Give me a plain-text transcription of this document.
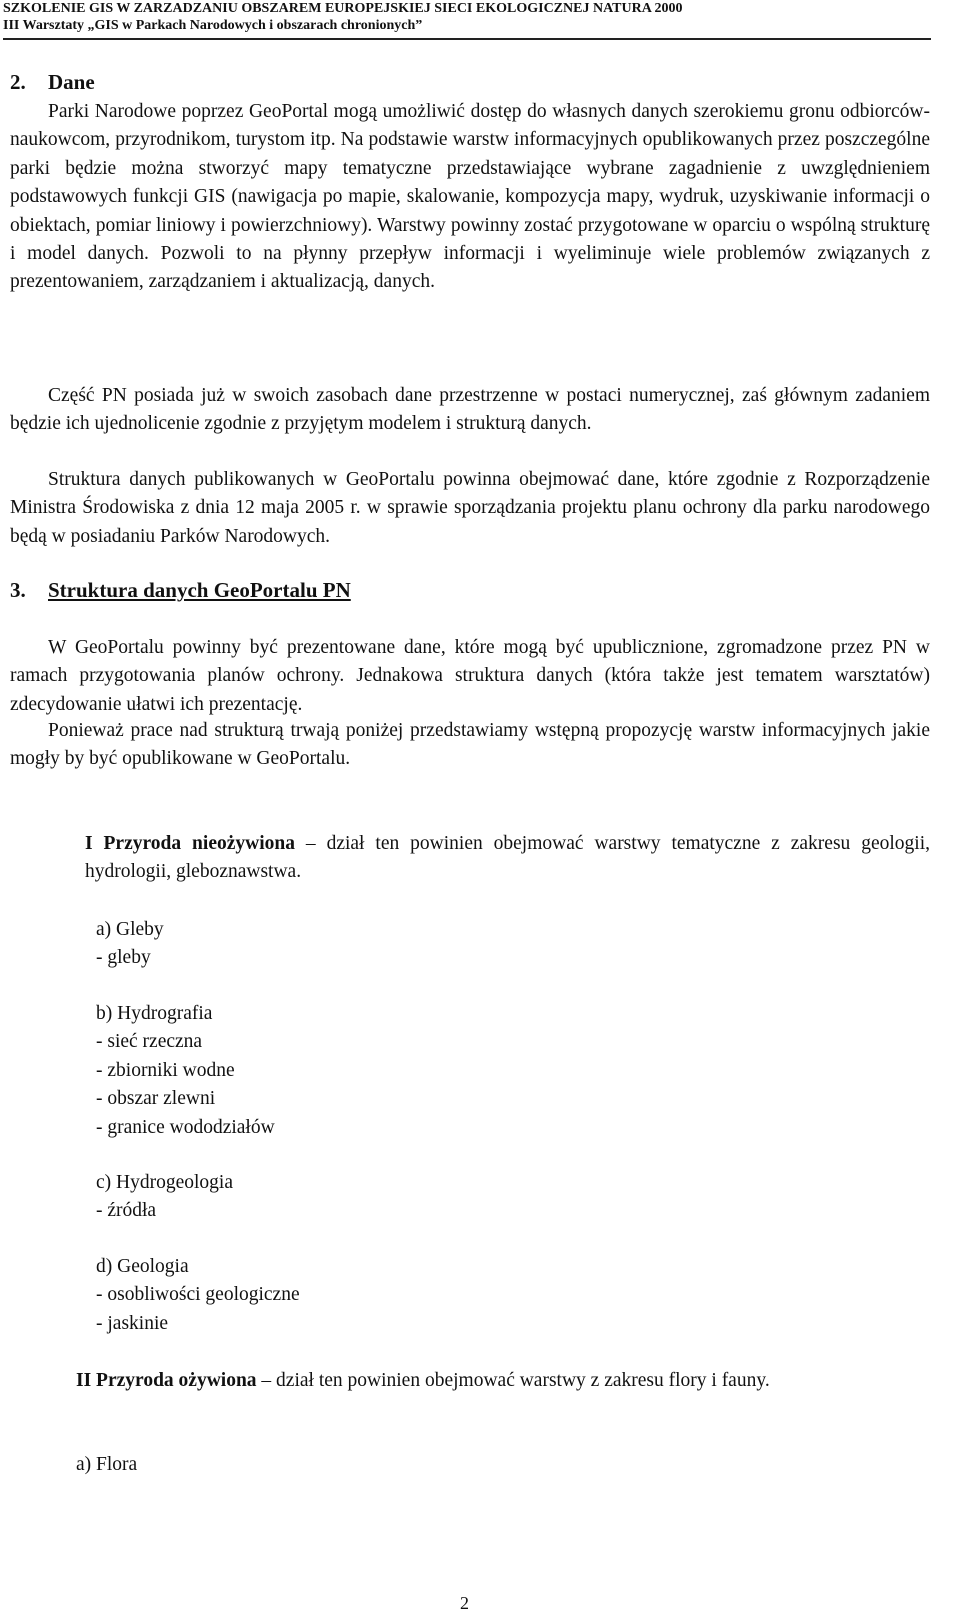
SZKOLENIE GIS W ZARZADZANIU OBSZAREM EUROPEJSKIEJ SIECI EKOLOGICZNEJ NATURA 2000
III Warsztaty „GIS w Parkach Narodowych i obszarach chronionych”
2. Dane

Parki Narodowe poprzez GeoPortal mogą umożliwić dostęp do własnych danych szerokiemu gronu odbiorców- naukowcom, przyrodnikom, turystom itp. Na podstawie warstw informacyjnych opublikowanych przez poszczególne parki będzie można stworzyć mapy tematyczne przedstawiające wybrane zagadnienie z uwzględnieniem podstawowych funkcji GIS (nawigacja po mapie, skalowanie, kompozycja mapy, wydruk, uzyskiwanie informacji o obiektach, pomiar liniowy i powierzchniowy). Warstwy powinny zostać przygotowane w oparciu o wspólną strukturę i model danych. Pozwoli to na płynny przepływ informacji i wyeliminuje wiele problemów związanych z prezentowaniem, zarządzaniem i aktualizacją, danych.

Część PN posiada już w swoich zasobach dane przestrzenne w postaci numerycznej, zaś głównym zadaniem będzie ich ujednolicenie zgodnie z przyjętym modelem i strukturą danych.

Struktura danych publikowanych w GeoPortalu powinna obejmować dane, które zgodnie z Rozporządzenie Ministra Środowiska z dnia 12 maja 2005 r. w sprawie sporządzania projektu planu ochrony dla parku narodowego będą w posiadaniu Parków Narodowych.

3. Struktura danych GeoPortalu PN

W GeoPortalu powinny być prezentowane dane, które mogą być upublicznione, zgromadzone przez PN w ramach przygotowania planów ochrony. Jednakowa struktura danych (która także jest tematem warsztatów) zdecydowanie ułatwi ich prezentację.

Ponieważ prace nad strukturą trwają poniżej przedstawiamy wstępną propozycję warstw informacyjnych jakie mogły by być opublikowane w GeoPortalu.

I Przyroda nieożywiona – dział ten powinien obejmować warstwy tematyczne z zakresu geologii, hydrologii, gleboznawstwa.

a) Gleby
- gleby
b) Hydrografia
- sieć rzeczna
- zbiorniki wodne
- obszar zlewni
- granice wododziałów
c) Hydrogeologia
- źródła
d) Geologia
- osobliwości geologiczne
- jaskinie

II Przyroda ożywiona – dział ten powinien obejmować warstwy z zakresu flory i fauny.

a) Flora
2
